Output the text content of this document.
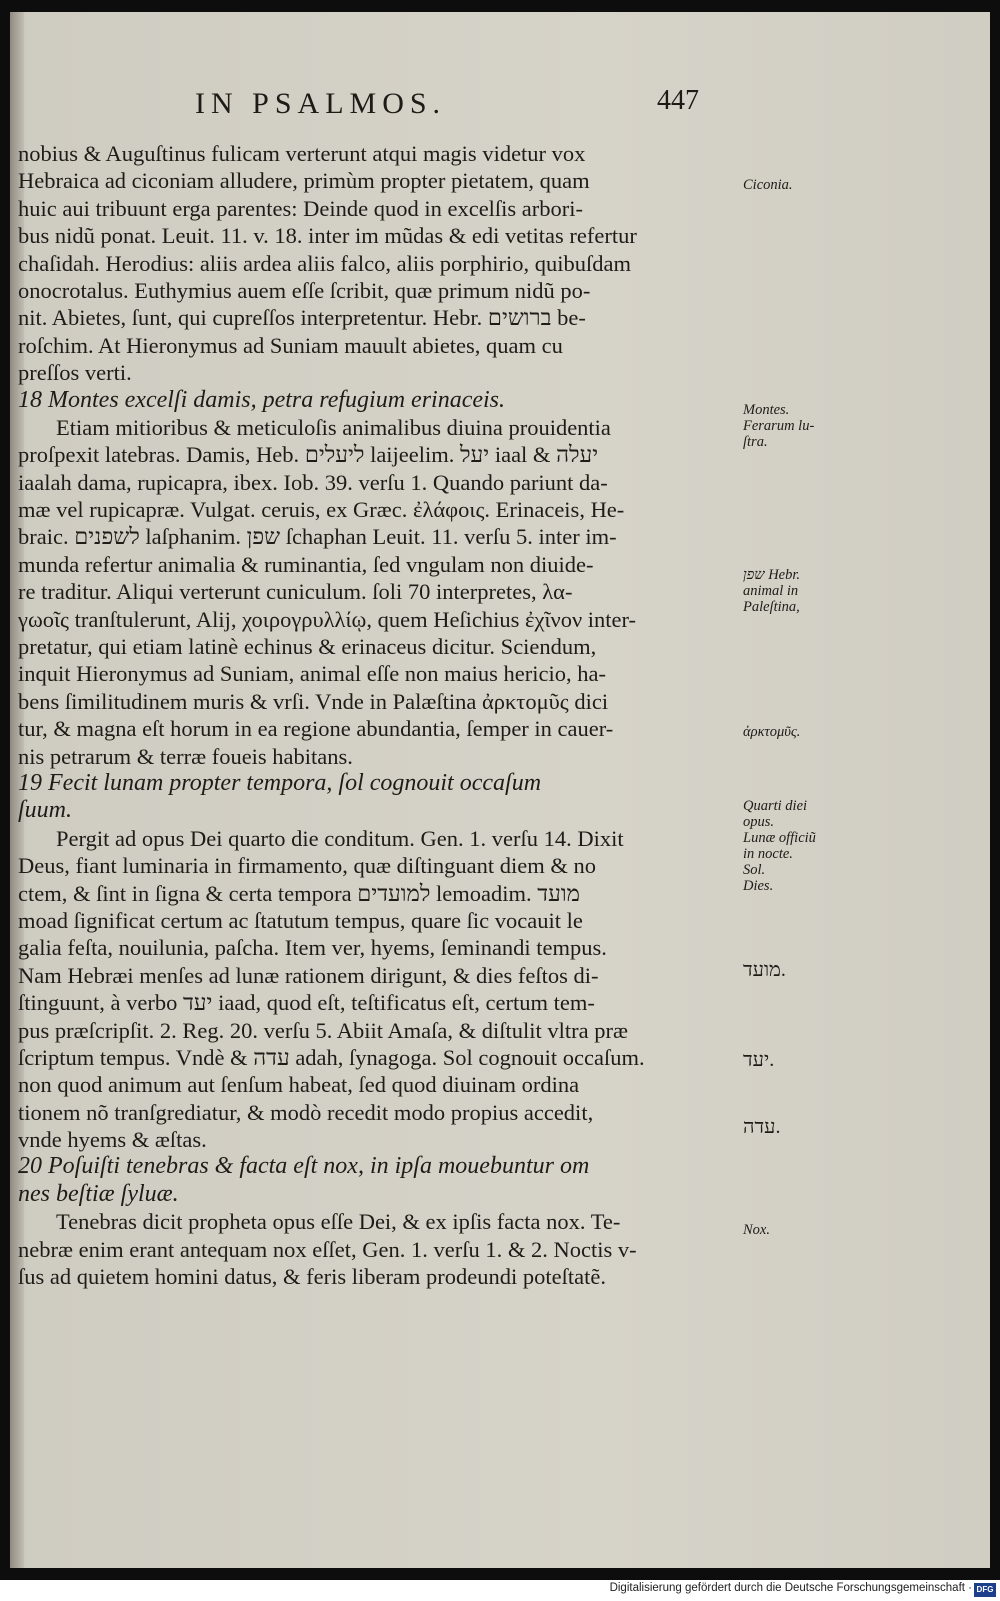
IN PSALMOS.	447
nobius & Auguſtinus fulicam verterunt atqui magis videtur vox
Hebraica ad ciconiam alludere, primùm propter pietatem, quam
huic aui tribuunt erga parentes: Deinde quod in excelſis arbori-
bus nidũ ponat. Leuit. 11. v. 18. inter im mũdas & edi vetitas refertur
chaſidah. Herodius: aliis ardea aliis falco, aliis porphirio, quibuſdam
onocrotalus. Euthymius auem eſſe ſcribit, quæ primum nidũ po-
nit. Abietes, ſunt, qui cupreſſos interpretentur. Hebr. ברושים be-
roſchim. At Hieronymus ad Suniam mauult abietes, quam cu
preſſos verti.
18 Montes excelſi damis, petra refugium erinaceis.
Etiam mitioribus & meticuloſis animalibus diuina prouidentia
proſpexit latebras. Damis, Heb. ליעלים laijeelim. יעל iaal & יעלה
iaalah dama, rupicapra, ibex. Iob. 39. verſu 1. Quando pariunt da-
mæ vel rupicapræ. Vulgat. ceruis, ex Græc. ἐλάφοις. Erinaceis, He-
braic. לשפנים laſphanim. שפן ſchaphan Leuit. 11. verſu 5. inter im-
munda refertur animalia & ruminantia, ſed vngulam non diuide-
re traditur. Aliqui verterunt cuniculum. ſoli 70 interpretes, λα-
γωοῖς tranſtulerunt, Alij, χοιρογρυλλίῳ, quem Heſichius ἐχῖνον inter-
pretatur, qui etiam latinè echinus & erinaceus dicitur. Sciendum,
inquit Hieronymus ad Suniam, animal eſſe non maius hericio, ha-
bens ſimilitudinem muris & vrſi. Vnde in Palæſtina ἀρκτομῦς dici
tur, & magna eſt horum in ea regione abundantia, ſemper in cauer-
nis petrarum & terræ foueis habitans.
19 Fecit lunam propter tempora, ſol cognouit occaſum
ſuum.
Pergit ad opus Dei quarto die conditum. Gen. 1. verſu 14. Dixit
Deus, fiant luminaria in firmamento, quæ diſtinguant diem & no
ctem, & ſint in ſigna & certa tempora למועדים lemoadim. מועד
moad ſignificat certum ac ſtatutum tempus, quare ſic vocauit le
galia feſta, nouilunia, paſcha. Item ver, hyems, ſeminandi tempus.
Nam Hebræi menſes ad lunæ rationem dirigunt, & dies feſtos di-
ſtinguunt, à verbo יעד iaad, quod eſt, teſtificatus eſt, certum tem-
pus præſcripſit. 2. Reg. 20. verſu 5. Abiit Amaſa, & diſtulit vltra præ
ſcriptum tempus. Vndè & עדה adah, ſynagoga. Sol cognouit occaſum.
non quod animum aut ſenſum habeat, ſed quod diuinam ordina
tionem nõ tranſgrediatur, & modò recedit modo propius accedit,
vnde hyems & æſtas.
20 Poſuiſti tenebras & facta eſt nox, in ipſa mouebuntur om
nes beſtiæ ſyluæ.
Tenebras dicit propheta opus eſſe Dei, & ex ipſis facta nox. Te-
nebræ enim erant antequam nox eſſet, Gen. 1. verſu 1. & 2. Noctis v-
ſus ad quietem homini datus, & feris liberam prodeundi poteſtatẽ.
Ciconia.
Montes.
Ferarum lu-
ſtra.
שפן Hebr.
animal in
Paleſtina,
ἀρκτομῦς.
Quarti diei
opus.
Lunæ officiũ
in nocte.
Sol.
Dies.
מועד.
יעד.
עדה.
Nox.
Digitalisierung gefördert durch die Deutsche Forschungsgemeinschaft · DFG
